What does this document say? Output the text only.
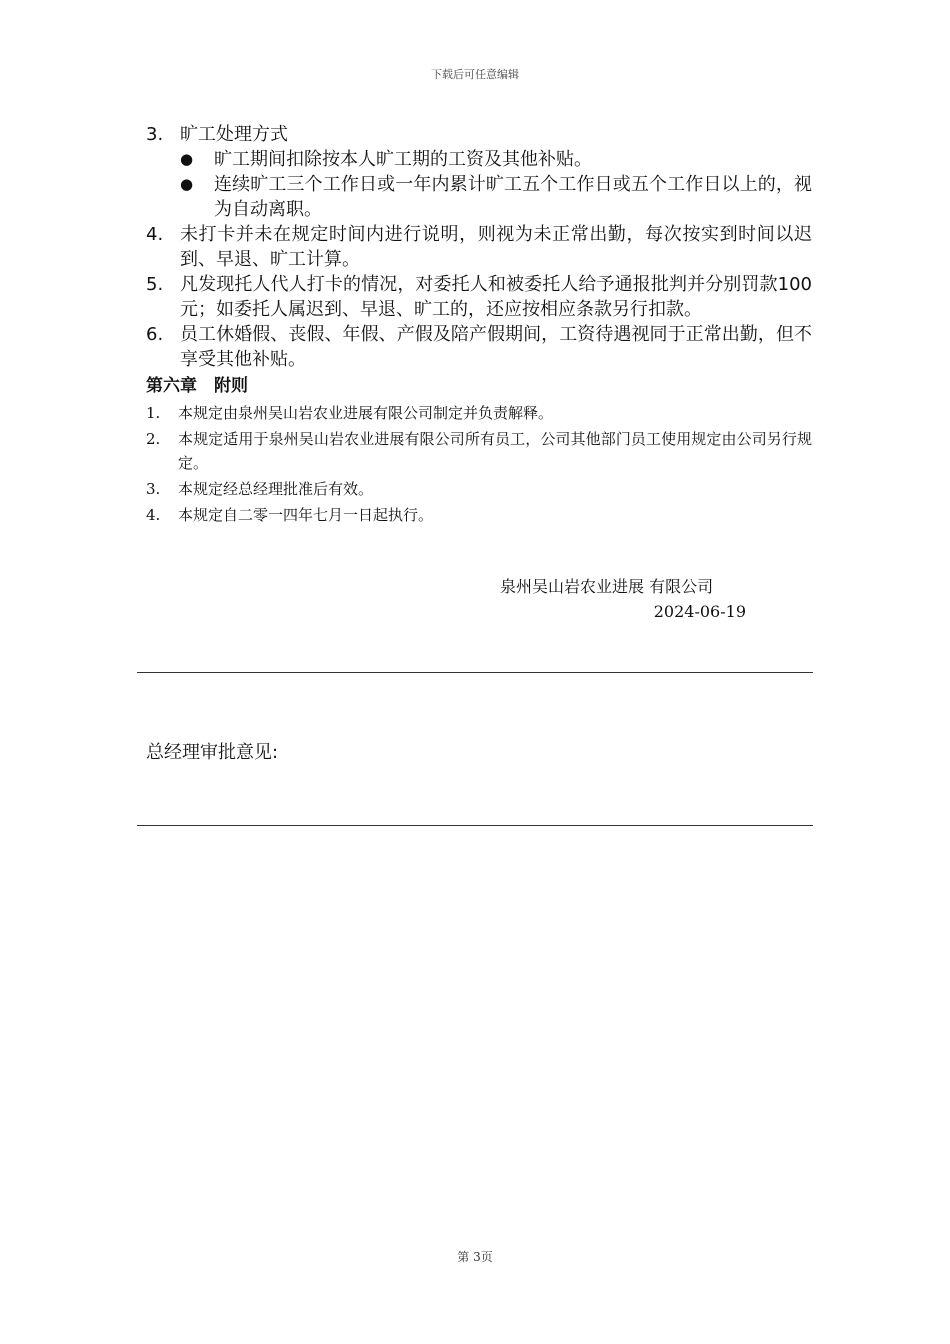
下载后可任意编辑
3. 旷工处理方式
●	旷工期间扣除按本人旷工期的工资及其他补贴。
●	连续旷工三个工作日或一年内累计旷工五个工作日或五个工作日以上的，视为自动离职。
4. 未打卡并未在规定时间内进行说明，则视为未正常出勤，每次按实到时间以迟到、早退、旷工计算。
5. 凡发现托人代人打卡的情况，对委托人和被委托人给予通报批判并分别罚款100元；如委托人属迟到、早退、旷工的，还应按相应条款另行扣款。
6. 员工休婚假、丧假、年假、产假及陪产假期间，工资待遇视同于正常出勤，但不享受其他补贴。
第六章　附则
1.	本规定由泉州吴山岩农业进展有限公司制定并负责解释。
2.	本规定适用于泉州吴山岩农业进展有限公司所有员工，公司其他部门员工使用规定由公司另行规定。
3.	本规定经总经理批准后有效。
4.	本规定自二零一四年七月一日起执行。
泉州吴山岩农业进展 有限公司
2024-06-19
总经理审批意见:
第 3页
